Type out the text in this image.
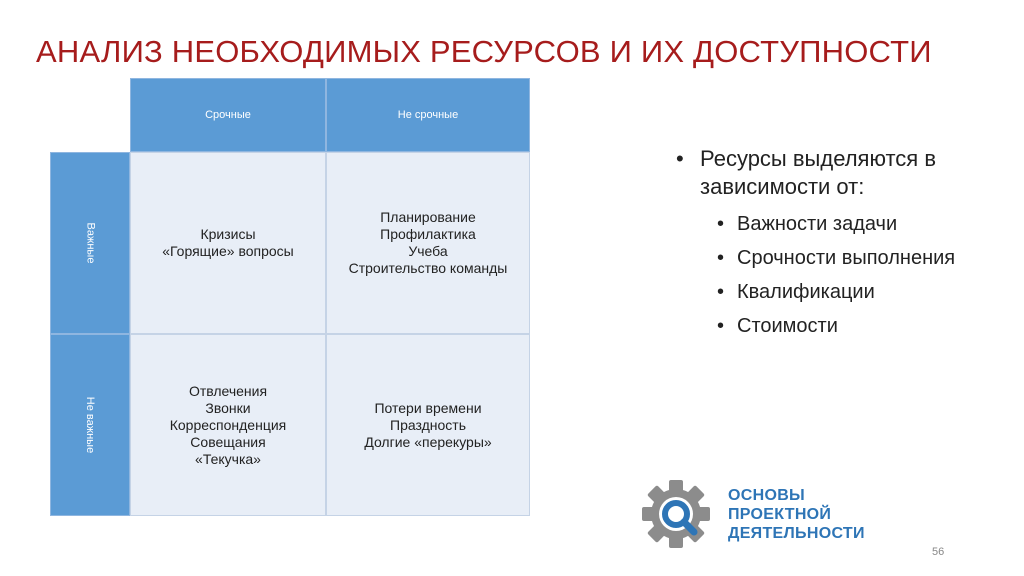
АНАЛИЗ НЕОБХОДИМЫХ РЕСУРСОВ И ИХ ДОСТУПНОСТИ
Срочные	Не срочные
Важные
Не важные
Кризисы
«Горящие» вопросы
Планирование
Профилактика
Учеба
Строительство команды
Отвлечения
Звонки
Корреспонденция
Совещания
«Текучка»
Потери времени
Праздность
Долгие «перекуры»
• Ресурсы выделяются в зависимости от:
• Важности задачи
• Срочности выполнения
• Квалификации
• Стоимости
ОСНОВЫ
ПРОЕКТНОЙ
ДЕЯТЕЛЬНОСТИ
56
